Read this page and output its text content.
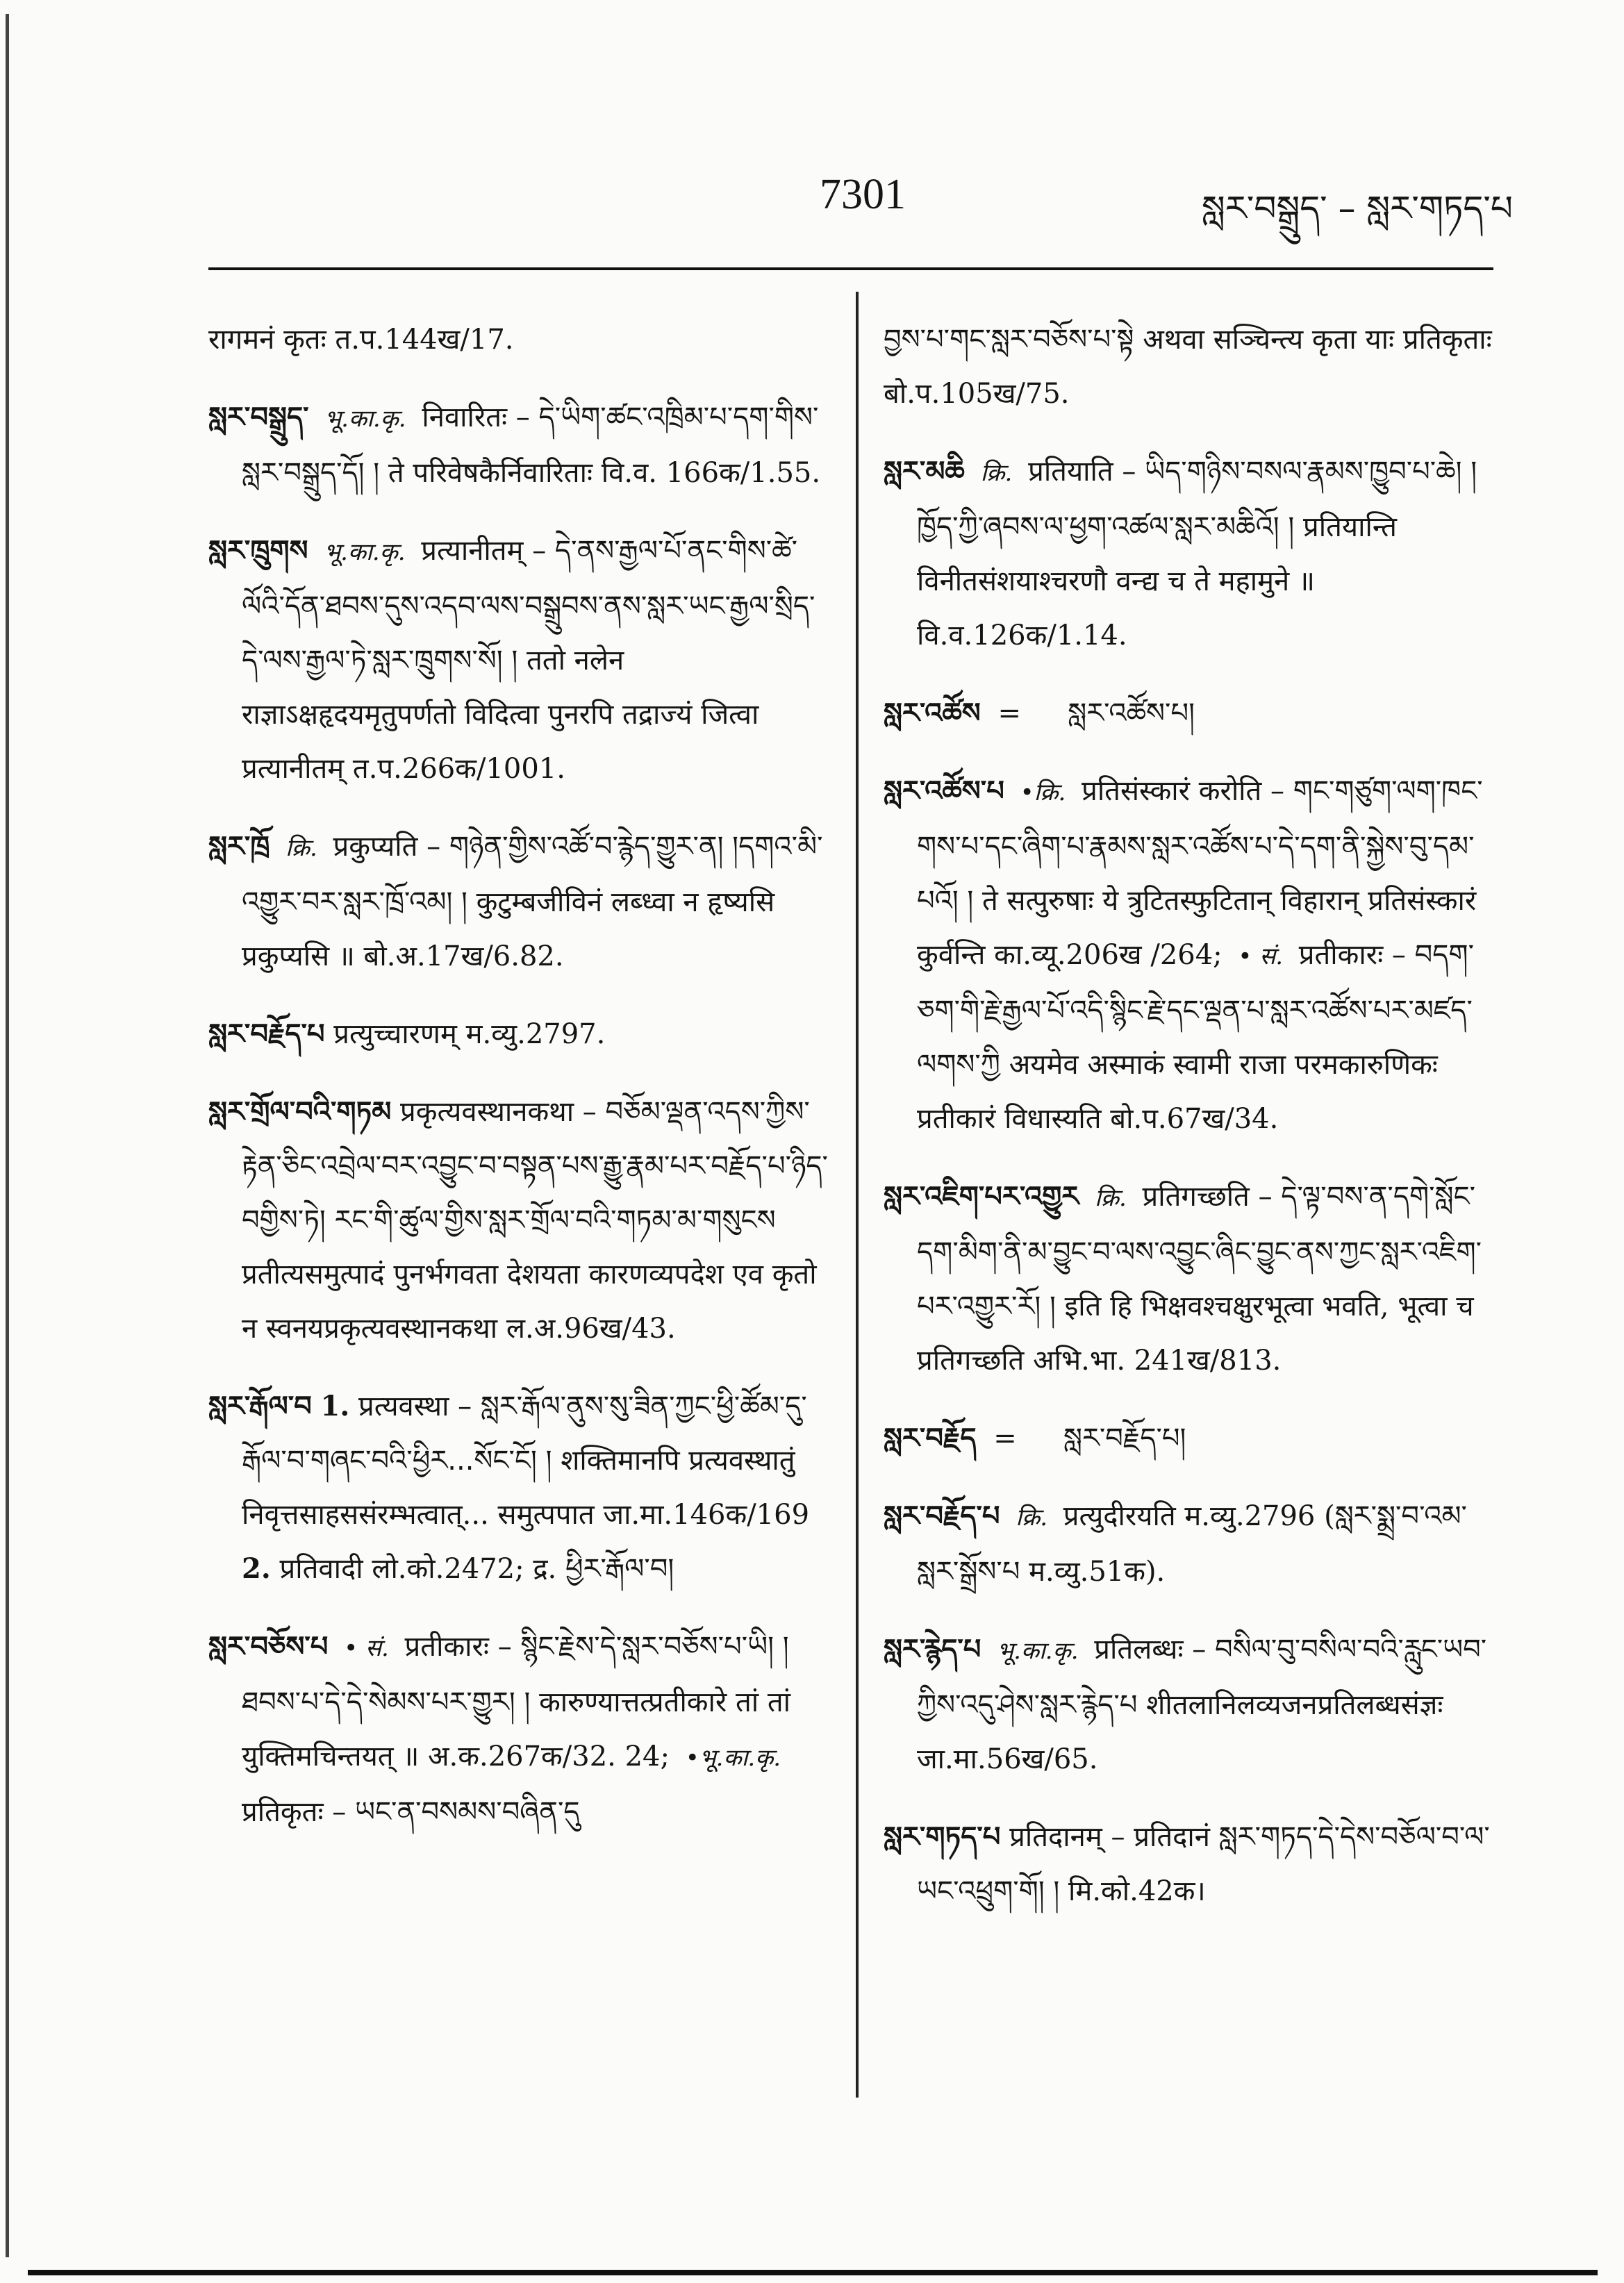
7301	སླར་བསྒྲུད་ – སླར་གཏད་པ

रागमनं कृतः त.प.144ख/17.

སླར་བསྒྲུད་ भू.का.कृ. निवारितः – དེ་ཡིག་ཚང་འཁྲིམ་པ་དག་གིས་སླར་བསྒྲུད་དོ། ། ते परिवेषकैर्निवारिताः वि.व. 166क/1.55.

སླར་ཁྲུགས भू.का.कृ. प्रत्यानीतम् – དེ་ནས་རྒྱལ་པོ་ནང་གིས་ཚེ་ལོའི་དོན་ཐབས་དུས་འདབ་ལས་བསྒྲུབས་ནས་སླར་ཡང་རྒྱལ་སྲིད་དེ་ལས་རྒྱལ་ཏེ་སླར་ཁྲུགས་སོ། ། ततो नलेन राज्ञाऽक्षहृदयमृतुपर्णतो विदित्वा पुनरपि तद्राज्यं जित्वा प्रत्यानीतम् त.प.266क/1001.

སླར་ཁྲོ क्रि. प्रकुप्यति – གཉེན་གྱིས་འཚོ་བ་རྙེད་གྱུར་ན། །དགའ་མི་འགྱུར་བར་སླར་ཁྲོ་འམ། ། कुटुम्बजीविनं लब्ध्वा न हृष्यसि प्रकुप्यसि ॥ बो.अ.17ख/6.82.

སླར་བརྗོད་པ प्रत्युच्चारणम् म.व्यु.2797.

སླར་གྲོལ་བའི་གཏམ प्रकृत्यवस्थानकथा – བཅོམ་ལྡན་འདས་ཀྱིས་རྟེན་ཅིང་འབྲེལ་བར་འབྱུང་བ་བསྟན་པས་རྒྱུ་རྣམ་པར་བརྗོད་པ་ཉིད་བགྱིས་ཏེ། རང་གི་ཚུལ་གྱིས་སླར་གྲོལ་བའི་གཏམ་མ་གསུངས प्रतीत्यसमुत्पादं पुनर्भगवता देशयता कारणव्यपदेश एव कृतो न स्वनयप्रकृत्यवस्थानकथा ल.अ.96ख/43.

སླར་རྒོལ་བ 1. प्रत्यवस्था – སླར་རྒོལ་ནུས་སུ་ཟིན་ཀྱང་ཕྱི་ཚོམ་དུ་རྒོལ་བ་གཞང་བའི་ཕྱིར...སོང་ངོ། ། शक्तिमानपि प्रत्यवस्थातुं निवृत्तसाहससंरम्भत्वात्... समुत्पपात जा.मा.146क/169 2. प्रतिवादी लो.को.2472; द्र. ཕྱིར་རྒོལ་བ།

སླར་བཅོས་པ • सं. प्रतीकारः – སྙིང་རྗེས་དེ་སླར་བཅོས་པ་ཡི། །ཐབས་པ་དེ་དེ་སེམས་པར་གྱུར། ། कारुण्यात्तत्प्रतीकारे तां तां युक्तिमचिन्तयत् ॥ अ.क.267क/32. 24; •भू.का.कृ. प्रतिकृतः – ཡང་ན་བསམས་བཞིན་དུ

བྱས་པ་གང་སླར་བཅོས་པ་སྟེ अथवा सञ्चिन्त्य कृता याः प्रतिकृताः बो.प.105ख/75.

སླར་མཆི क्रि. प्रतियाति – ཡིད་གཉིས་བསལ་རྣམས་ཁྱུབ་པ་ཆེ། །ཁྱོད་ཀྱི་ཞབས་ལ་ཕྱག་འཚལ་སླར་མཆིའོ། ། प्रतियान्ति विनीतसंशयाश्चरणौ वन्द्य च ते महामुने ॥ वि.व.126क/1.14.

སླར་འཚོས = སླར་འཚོས་པ།

སླར་འཚོས་པ •क्रि. प्रतिसंस्कारं करोति – གང་གཙུག་ལག་ཁང་གས་པ་དང་ཞིག་པ་རྣམས་སླར་འཚོས་པ་དེ་དག་ནི་སྐྱེས་བུ་དམ་པའོ། ། ते सत्पुरुषाः ये त्रुटितस्फुटितान् विहारान् प्रतिसंस्कारं कुर्वन्ति का.व्यू.206ख /264; • सं. प्रतीकारः – བདག་ཅག་གི་རྗེ་རྒྱལ་པོ་འདི་སྙིང་རྗེ་དང་ལྡན་པ་སླར་འཚོས་པར་མཛད་ལགས་ཀྱི अयमेव अस्माकं स्वामी राजा परमकारुणिकः प्रतीकारं विधास्यति बो.प.67ख/34.

སླར་འཇིག་པར་འགྱུར क्रि. प्रतिगच्छति – དེ་ལྟ་བས་ན་དགེ་སློང་དག་མིག་ནི་མ་བྱུང་བ་ལས་འབྱུང་ཞིང་བྱུང་ནས་ཀྱང་སླར་འཇིག་པར་འགྱུར་རོ། ། इति हि भिक्षवश्चक्षुरभूत्वा भवति, भूत्वा च प्रतिगच्छति अभि.भा. 241ख/813.

སླར་བརྗོད = སླར་བརྗོད་པ།

སླར་བརྗོད་པ क्रि. प्रत्युदीरयति म.व्यु.2796 (སླར་སྨྲ་བ་འམ་སླར་སྒྲོས་པ म.व्यु.51क).

སླར་རྙེད་པ भू.का.कृ. प्रतिलब्धः – བསིལ་བུ་བསིལ་བའི་རླུང་ཡབ་ཀྱིས་འདུ་ཤེས་སླར་རྙེད་པ शीतलानिलव्यजनप्रतिलब्धसंज्ञः जा.मा.56ख/65.

སླར་གཏད་པ प्रतिदानम् – प्रतिदानं སླར་གཏད་དེ་དེས་བཅོལ་བ་ལ་ཡང་འཕྲུག་གོ། ། मि.को.42क।
